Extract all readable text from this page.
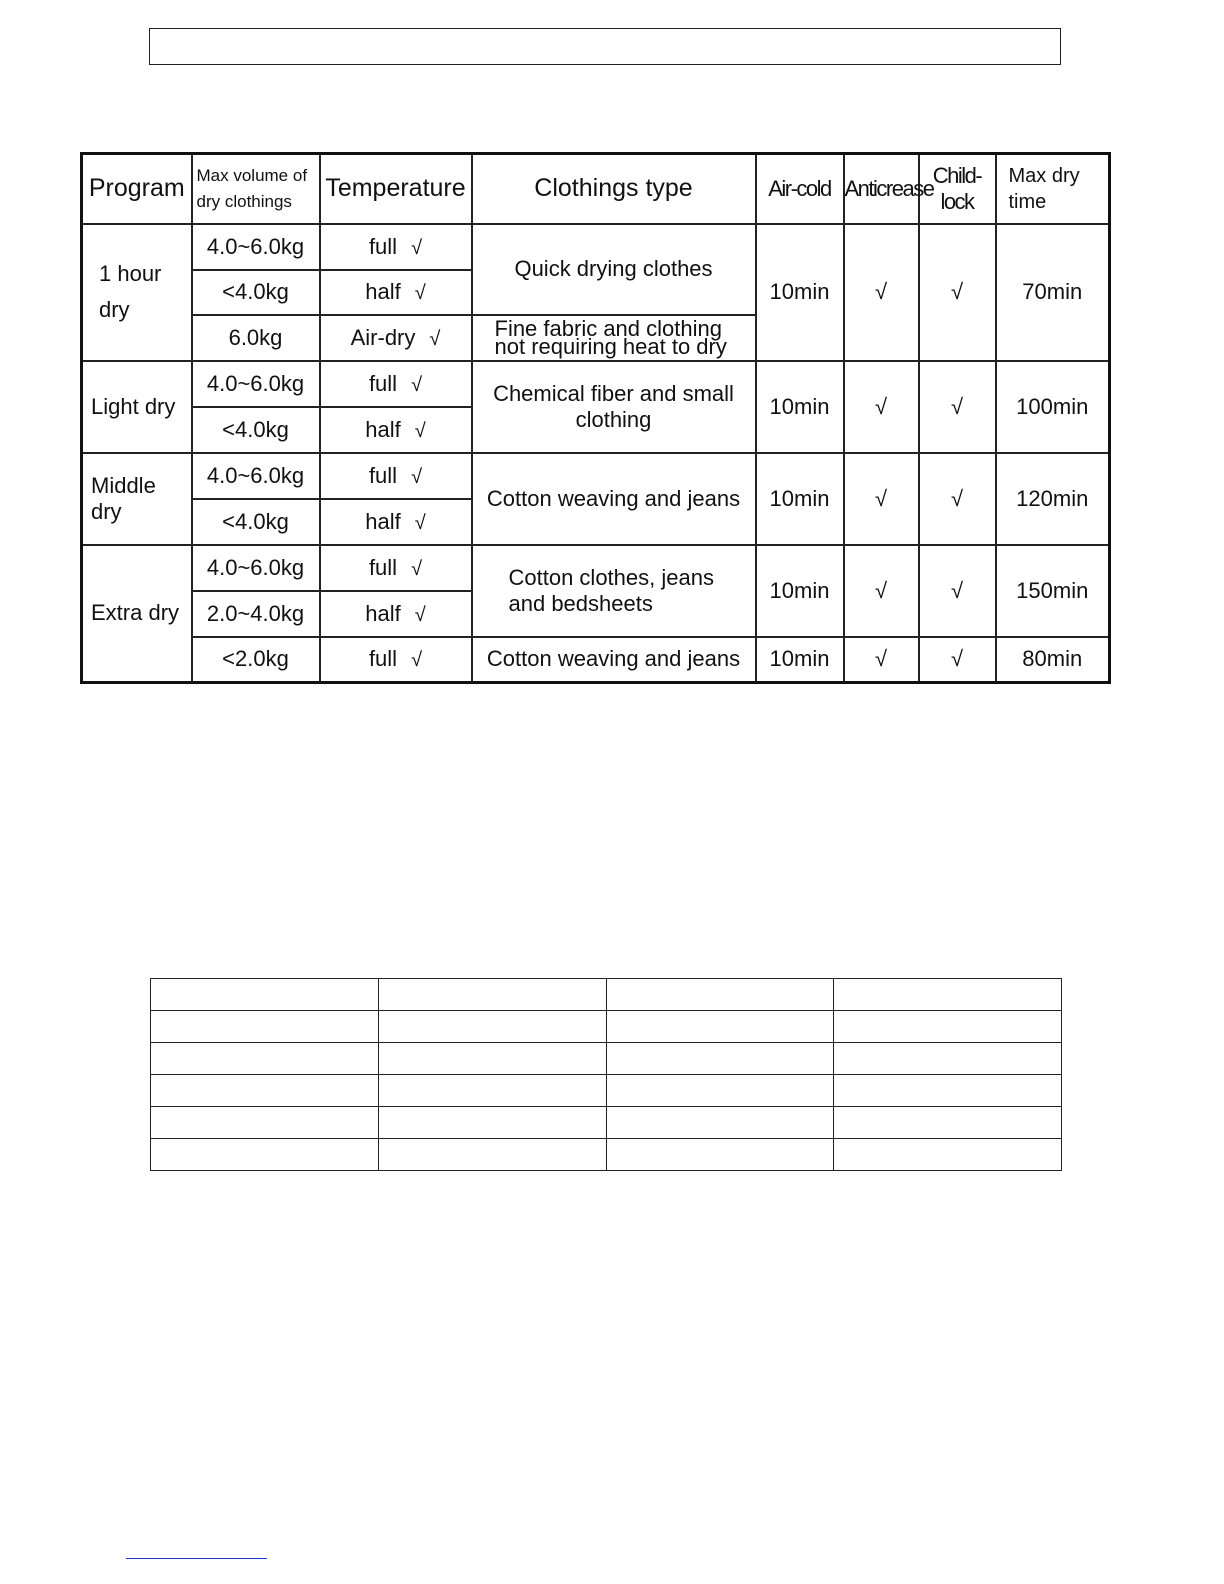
Program	Max volume of dry clothings	Temperature	Clothings type	Air-cold	Anticrease	Child-lock	Max dry time
1 hour dry	4.0~6.0kg	full √	Quick drying clothes	10min	√	√	70min
	<4.0kg	half √					
	6.0kg	Air-dry √	Fine fabric and clothing not requiring heat to dry				
Light dry	4.0~6.0kg	full √	Chemical fiber and small clothing	10min	√	√	100min
	<4.0kg	half √					
Middle dry	4.0~6.0kg	full √	Cotton weaving and jeans	10min	√	√	120min
	<4.0kg	half √					
Extra dry	4.0~6.0kg	full √	Cotton clothes, jeans and bedsheets	10min	√	√	150min
	2.0~4.0kg	half √					
	<2.0kg	full √	Cotton weaving and jeans	10min	√	√	80min
